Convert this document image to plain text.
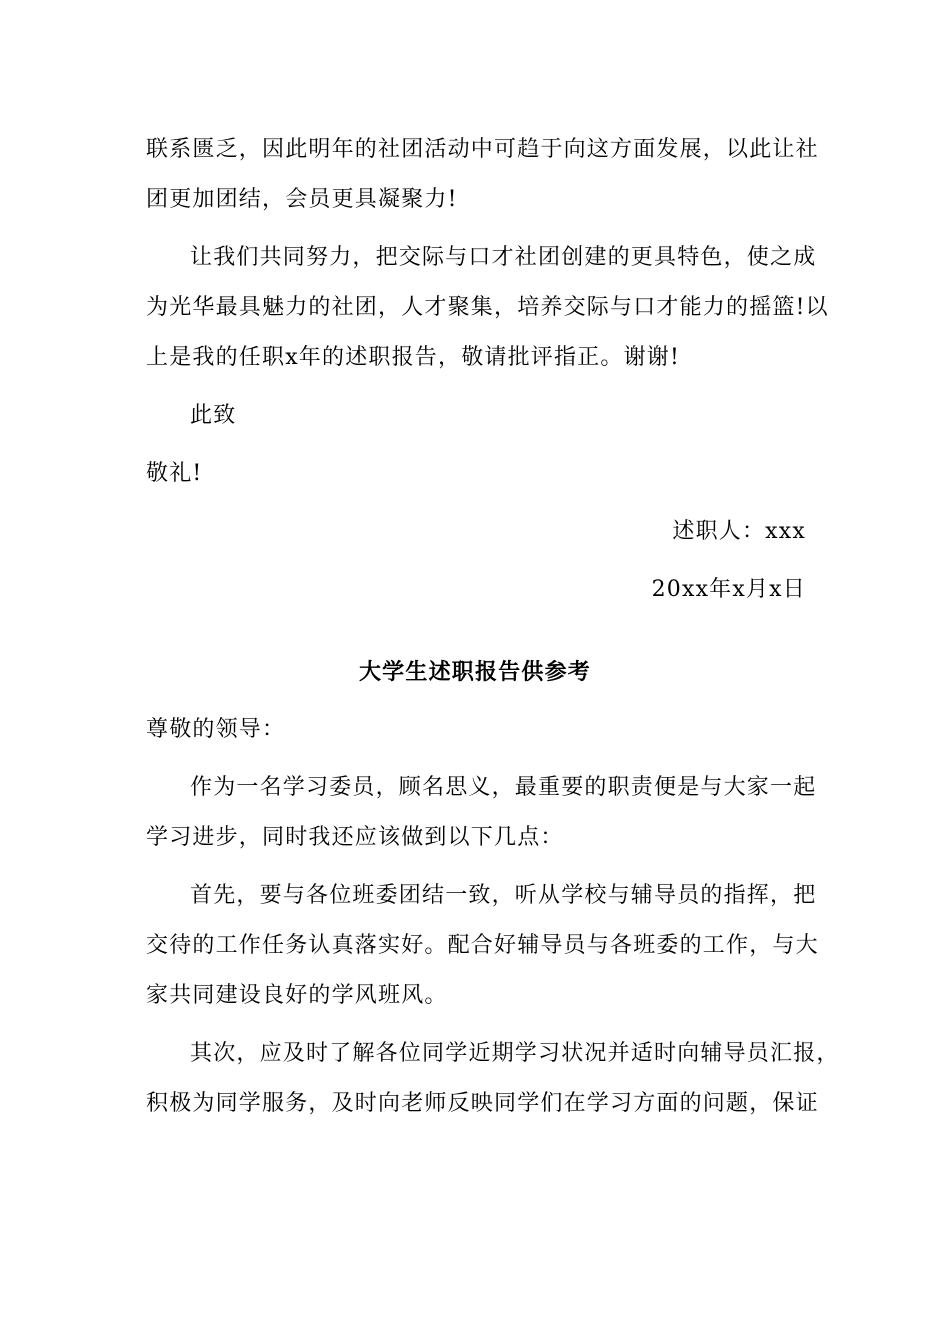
联系匮乏，因此明年的社团活动中可趋于向这方面发展，以此让社
团更加团结，会员更具凝聚力!
让我们共同努力，把交际与口才社团创建的更具特色，使之成
为光华最具魅力的社团，人才聚集，培养交际与口才能力的摇篮!以
上是我的任职x年的述职报告，敬请批评指正。谢谢!
此致
敬礼!
述职人：xxx
20xx年x月x日
大学生述职报告供参考
尊敬的领导：
作为一名学习委员，顾名思义，最重要的职责便是与大家一起
学习进步，同时我还应该做到以下几点：
首先，要与各位班委团结一致，听从学校与辅导员的指挥，把
交待的工作任务认真落实好。配合好辅导员与各班委的工作，与大
家共同建设良好的学风班风。
其次，应及时了解各位同学近期学习状况并适时向辅导员汇报，
积极为同学服务，及时向老师反映同学们在学习方面的问题，保证
